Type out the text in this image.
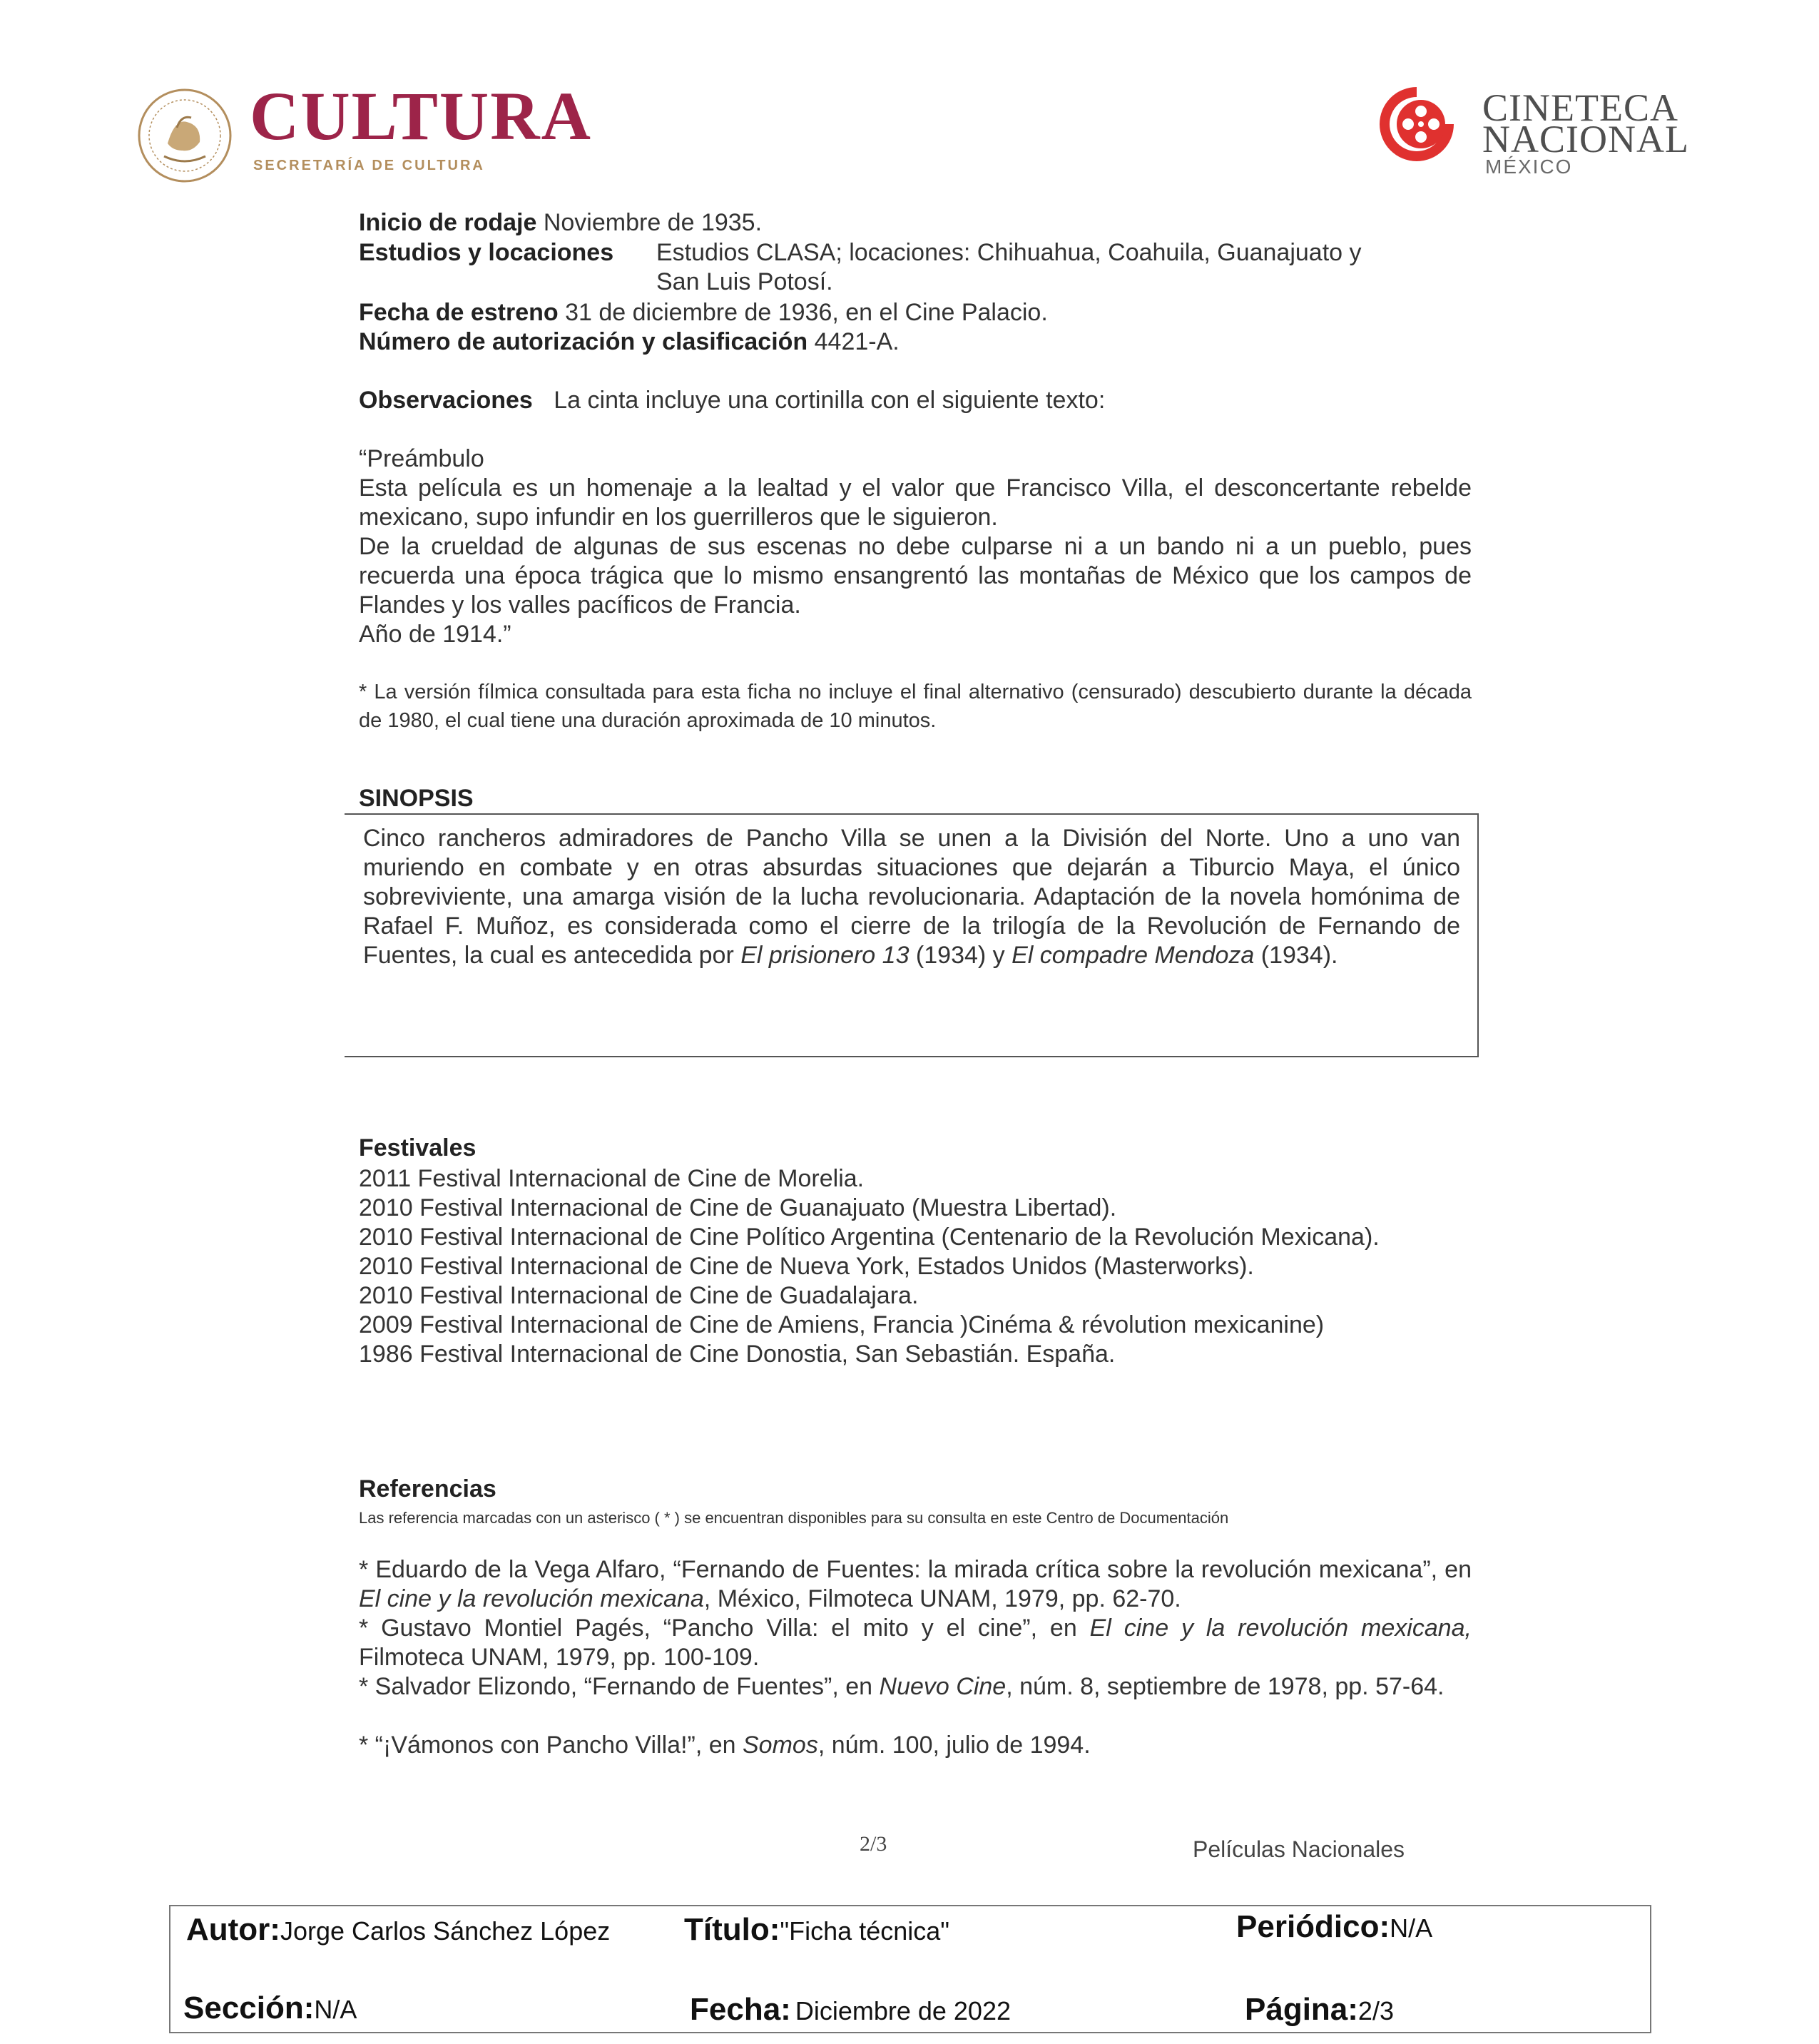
CULTURA
SECRETARÍA DE CULTURA
CINETECA
NACIONAL
MÉXICO
Inicio de rodaje Noviembre de 1935.
Estudios y locaciones Estudios CLASA; locaciones: Chihuahua, Coahuila, Guanajuato y
San Luis Potosí.
Fecha de estreno 31 de diciembre de 1936, en el Cine Palacio.
Número de autorización y clasificación 4421-A.
Observaciones La cinta incluye una cortinilla con el siguiente texto:
“Preámbulo
Esta película es un homenaje a la lealtad y el valor que Francisco Villa, el desconcertante rebelde mexicano, supo infundir en los guerrilleros que le siguieron.
De la crueldad de algunas de sus escenas no debe culparse ni a un bando ni a un pueblo, pues recuerda una época trágica que lo mismo ensangrentó las montañas de México que los campos de Flandes y los valles pacíficos de Francia.
Año de 1914.”
* La versión fílmica consultada para esta ficha no incluye el final alternativo (censurado) descubierto durante la década de 1980, el cual tiene una duración aproximada de 10 minutos.
SINOPSIS
Cinco rancheros admiradores de Pancho Villa se unen a la División del Norte. Uno a uno van muriendo en combate y en otras absurdas situaciones que dejarán a Tiburcio Maya, el único sobreviviente, una amarga visión de la lucha revolucionaria. Adaptación de la novela homónima de Rafael F. Muñoz, es considerada como el cierre de la trilogía de la Revolución de Fernando de Fuentes, la cual es antecedida por El prisionero 13 (1934) y El compadre Mendoza (1934).
Festivales
2011 Festival Internacional de Cine de Morelia.
2010 Festival Internacional de Cine de Guanajuato (Muestra Libertad).
2010 Festival Internacional de Cine Político Argentina (Centenario de la Revolución Mexicana).
2010 Festival Internacional de Cine de Nueva York, Estados Unidos (Masterworks).
2010 Festival Internacional de Cine de Guadalajara.
2009 Festival Internacional de Cine de Amiens, Francia )Cinéma & révolution mexicanine)
1986 Festival Internacional de Cine Donostia, San Sebastián. España.
Referencias
Las referencia marcadas con un asterisco ( * ) se encuentran disponibles para su consulta en este Centro de Documentación
* Eduardo de la Vega Alfaro, “Fernando de Fuentes: la mirada crítica sobre la revolución mexicana”, en El cine y la revolución mexicana, México, Filmoteca UNAM, 1979, pp. 62-70.
* Gustavo Montiel Pagés, “Pancho Villa: el mito y el cine”, en El cine y la revolución mexicana, Filmoteca UNAM, 1979, pp. 100-109.
* Salvador Elizondo, “Fernando de Fuentes”, en Nuevo Cine, núm. 8, septiembre de 1978, pp. 57-64.
* “¡Vámonos con Pancho Villa!”, en Somos, núm. 100, julio de 1994.
2/3	Películas Nacionales
Autor:Jorge Carlos Sánchez López Título:"Ficha técnica"	Periódico:N/A
Sección:N/A	Fecha: Diciembre de 2022	Página:2/3
